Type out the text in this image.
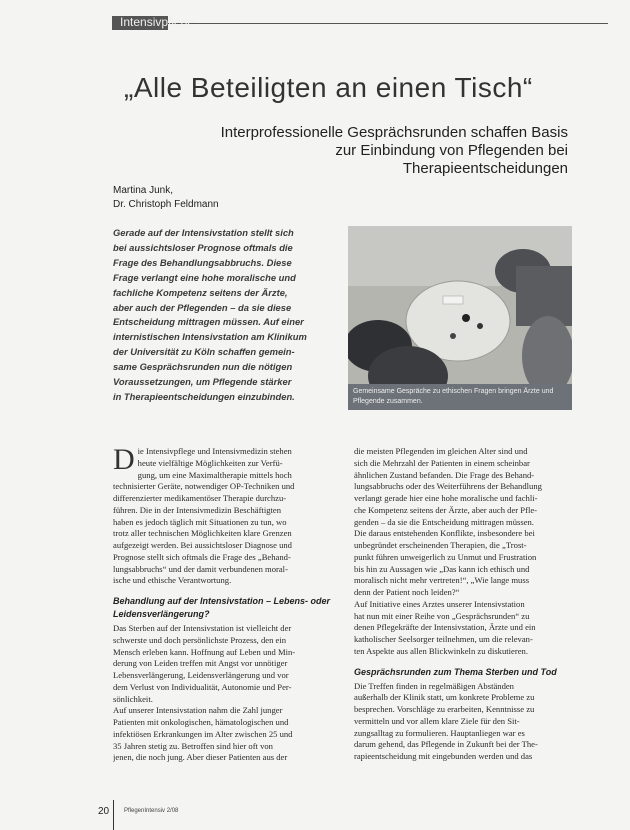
Intensivpflege
„Alle Beteiligten an einen Tisch“
Interprofessionelle Gesprächsrunden schaffen Basis
zur Einbindung von Pflegenden bei
Therapieentscheidungen
Martina Junk,
Dr. Christoph Feldmann
Gerade auf der Intensivstation stellt sich
bei aussichtsloser Prognose oftmals die
Frage des Behandlungsabbruchs. Diese
Frage verlangt eine hohe moralische und
fachliche Kompetenz seitens der Ärzte,
aber auch der Pflegenden – da sie diese
Entscheidung mittragen müssen. Auf einer
internistischen Intensivstation am Klinikum
der Universität zu Köln schaffen gemein-
same Gesprächsrunden nun die nötigen
Voraussetzungen, um Pflegende stärker
in Therapieentscheidungen einzubinden.	Gemeinsame Gespräche zu ethischen Fragen bringen Ärzte und Pflegende zusammen.
D ie Intensivpflege und Intensivmedizin stehen
heute vielfältige Möglichkeiten zur Verfü-
gung, um eine Maximaltherapie mittels hoch
technisierter Geräte, notwendiger OP-Techniken und
differenzierter medikamentöser Therapie durchzu-
führen. Die in der Intensivmedizin Beschäftigten
haben es jedoch täglich mit Situationen zu tun, wo
trotz aller technischen Möglichkeiten klare Grenzen
aufgezeigt werden. Bei aussichtsloser Diagnose und
Prognose stellt sich oftmals die Frage des „Behand-
lungsabbruchs“ und der damit verbundenen moral-
ische und ethische Verantwortung.

Behandlung auf der Intensivstation – Lebens- oder Leidensverlängerung?

Das Sterben auf der Intensivstation ist vielleicht der
schwerste und doch persönlichste Prozess, den ein
Mensch erleben kann. Hoffnung auf Leben und Min-
derung von Leiden treffen mit Angst vor unnötiger
Lebensverlängerung, Leidensverlängerung und vor
dem Verlust von Individualität, Autonomie und Per-
sönlichkeit.
Auf unserer Intensivstation nahm die Zahl junger
Patienten mit onkologischen, hämatologischen und
infektiösen Erkrankungen im Alter zwischen 25 und
35 Jahren stetig zu. Betroffen sind hier oft von
jenen, die noch jung. Aber dieser Patienten aus der

die meisten Pflegenden im gleichen Alter sind und
sich die Mehrzahl der Patienten in einem scheinbar
ähnlichen Zustand befanden. Die Frage des Behand-
lungsabbruchs oder des Weiterführens der Behandlung
verlangt gerade hier eine hohe moralische und fachli-
che Kompetenz seitens der Ärzte, aber auch der Pfle-
genden – da sie die Entscheidung mittragen müssen.
Die daraus entstehenden Konflikte, insbesondere bei
unbegründet erscheinenden Therapien, die „Trost-
punkt führen unweigerlich zu Unmut und Frustration
bis hin zu Aussagen wie „Das kann ich ethisch und
moralisch nicht mehr vertreten!“, „Wie lange muss
denn der Patient noch leiden?“
Auf Initiative eines Arztes unserer Intensivstation
hat nun mit einer Reihe von „Gesprächsrunden“ zu
denen Pflegekräfte der Intensivstation, Ärzte und ein
katholischer Seelsorger teilnehmen, um die relevan-
ten Aspekte aus allen Blickwinkeln zu diskutieren.

Gesprächsrunden zum Thema Sterben und Tod

Die Treffen finden in regelmäßigen Abständen
außerhalb der Klinik statt, um konkrete Probleme zu
besprechen. Vorschläge zu erarbeiten, Kenntnisse zu
vermitteln und vor allem klare Ziele für den Sit-
zungsalltag zu formulieren. Hauptanliegen war es
darum gehend, das Pflegende in Zukunft bei der The-
rapieentscheidung mit eingebunden werden und das

20 PflegenIntensiv 2/08
